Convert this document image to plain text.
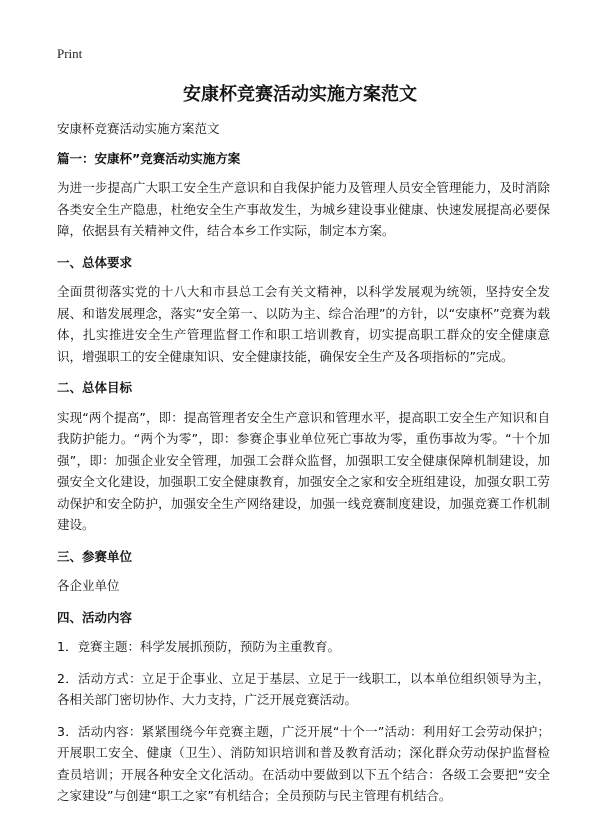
Print
安康杯竞赛活动实施方案范文

安康杯竞赛活动实施方案范文

篇一：安康杯”竞赛活动实施方案

为进一步提高广大职工安全生产意识和自我保护能力及管理人员安全管理能力，及时消除各类安全生产隐患，杜绝安全生产事故发生，为城乡建设事业健康、快速发展提高必要保障，依据县有关精神文件，结合本乡工作实际，制定本方案。

一、总体要求

全面贯彻落实党的十八大和市县总工会有关文精神，以科学发展观为统领，坚持安全发展、和谐发展理念，落实“安全第一、以防为主、综合治理”的方针，以“安康杯”竞赛为载体，扎实推进安全生产管理监督工作和职工培训教育，切实提高职工群众的安全健康意识，增强职工的安全健康知识、安全健康技能，确保安全生产及各项指标的”完成。

二、总体目标

实现“两个提高”，即：提高管理者安全生产意识和管理水平，提高职工安全生产知识和自我防护能力。“两个为零”，即：参赛企事业单位死亡事故为零，重伤事故为零。“十个加强”，即：加强企业安全管理，加强工会群众监督，加强职工安全健康保障机制建设，加强安全文化建设，加强职工安全健康教育，加强安全之家和安全班组建设，加强女职工劳动保护和安全防护，加强安全生产网络建设，加强一线竞赛制度建设，加强竞赛工作机制建设。

三、参赛单位

各企业单位

四、活动内容

1．竞赛主题：科学发展抓预防，预防为主重教育。

2．活动方式：立足于企事业、立足于基层、立足于一线职工，以本单位组织领导为主，各相关部门密切协作、大力支持，广泛开展竞赛活动。

3．活动内容：紧紧围绕今年竞赛主题，广泛开展“十个一”活动：利用好工会劳动保护；开展职工安全、健康（卫生）、消防知识培训和普及教育活动；深化群众劳动保护监督检查员培训；开展各种安全文化活动。在活动中要做到以下五个结合：各级工会要把“安全之家建设”与创建“职工之家”有机结合；全员预防与民主管理有机结合。
